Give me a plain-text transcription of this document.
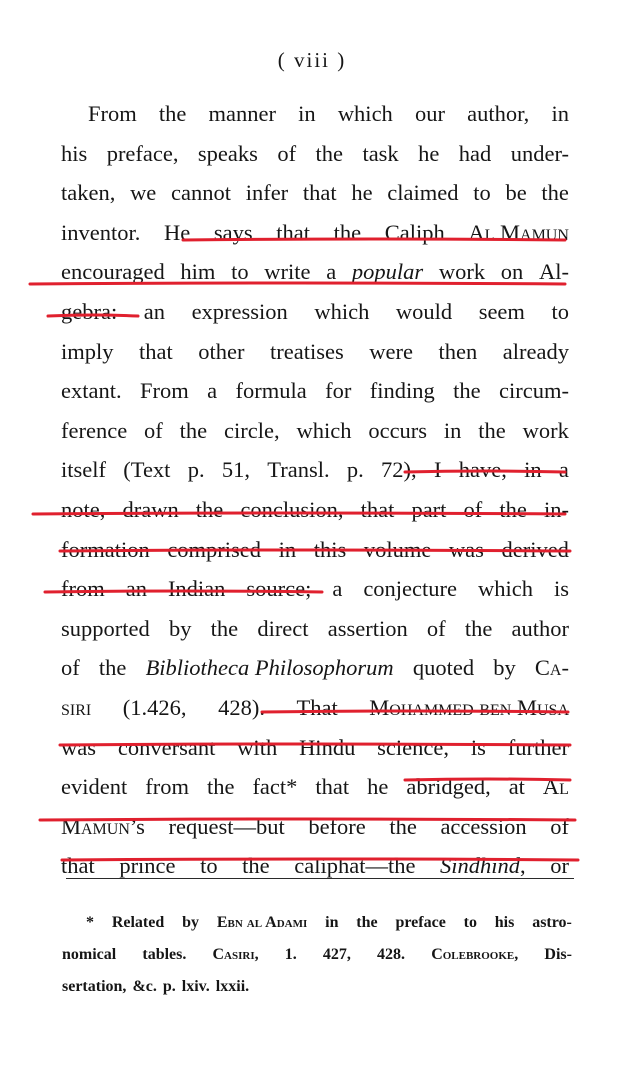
( viii )
From the manner in which our author, in
his preface, speaks of the task he had under-
taken, we cannot infer that he claimed to be the
inventor. He says that the Caliph Al Mamun
encouraged him to write a popular work on Al-
gebra: an expression which would seem to
imply that other treatises were then already
extant. From a formula for finding the circum-
ference of the circle, which occurs in the work
itself (Text p. 51, Transl. p. 72), I have, in a
note, drawn the conclusion, that part of the in-
formation comprised in this volume was derived
from an Indian source; a conjecture which is
supported by the direct assertion of the author
of the Bibliotheca Philosophorum quoted by Ca-
siri (1.426, 428). That Mohammed ben Musa
was conversant with Hindu science, is further
evident from the fact* that he abridged, at Al
Mamun’s request—but before the accession of
that prince to the caliphat—the Sindhind, or
* Related by Ebn al Adami in the preface to his astro-
nomical tables. Casiri, 1. 427, 428. Colebrooke, Dis-
sertation, &c. p. lxiv. lxxii.
